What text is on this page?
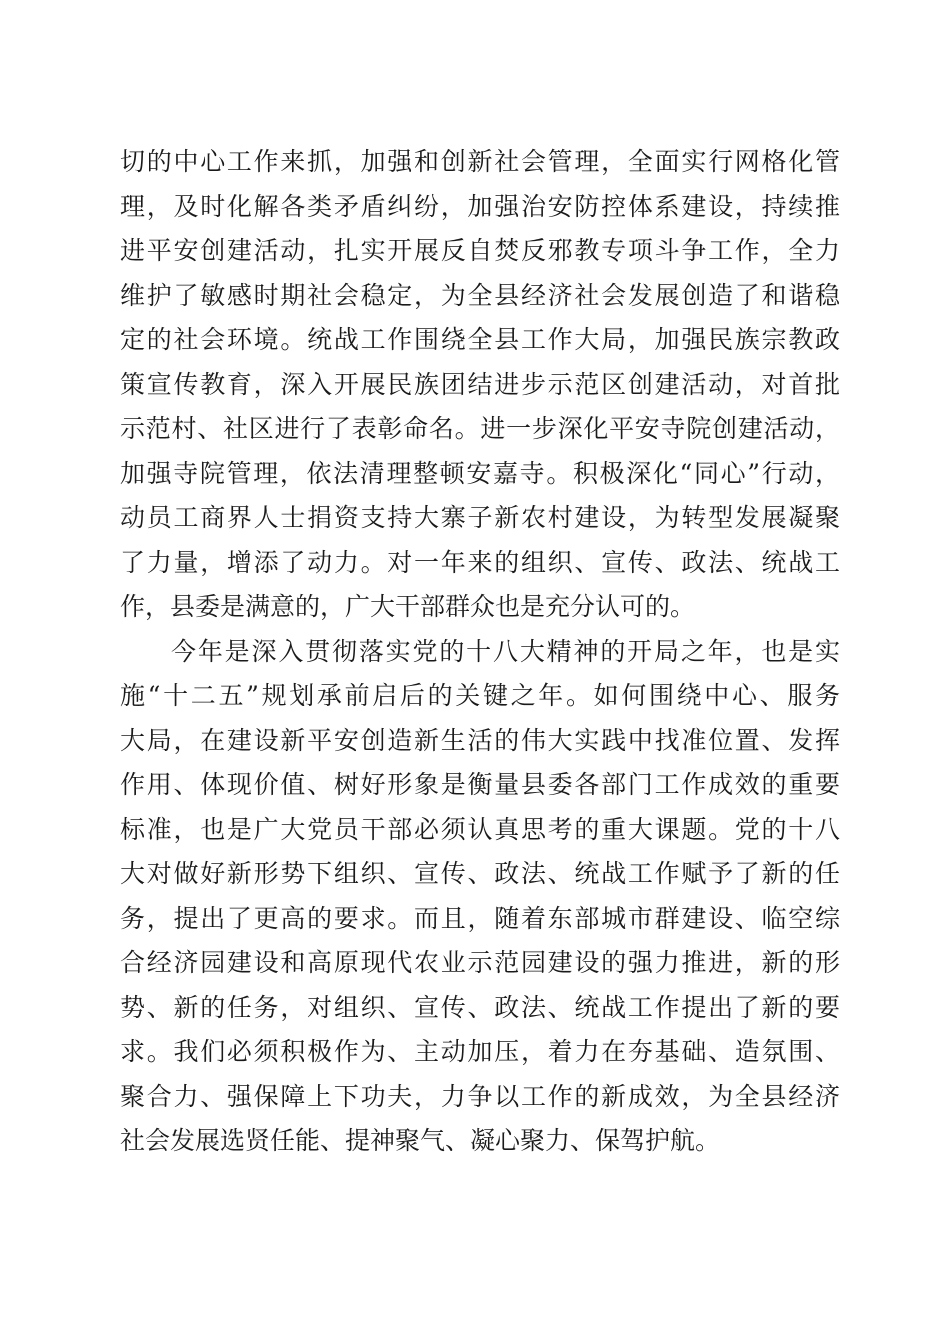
切的中心工作来抓，加强和创新社会管理，全面实行网格化管
理，及时化解各类矛盾纠纷，加强治安防控体系建设，持续推
进平安创建活动，扎实开展反自焚反邪教专项斗争工作，全力
维护了敏感时期社会稳定，为全县经济社会发展创造了和谐稳
定的社会环境。统战工作围绕全县工作大局，加强民族宗教政
策宣传教育，深入开展民族团结进步示范区创建活动，对首批
示范村、社区进行了表彰命名。进一步深化平安寺院创建活动，
加强寺院管理，依法清理整顿安嘉寺。积极深化“同心”行动，
动员工商界人士捐资支持大寨子新农村建设，为转型发展凝聚
了力量，增添了动力。对一年来的组织、宣传、政法、统战工
作，县委是满意的，广大干部群众也是充分认可的。
今年是深入贯彻落实党的十八大精神的开局之年，也是实
施“十二五”规划承前启后的关键之年。如何围绕中心、服务
大局，在建设新平安创造新生活的伟大实践中找准位置、发挥
作用、体现价值、树好形象是衡量县委各部门工作成效的重要
标准，也是广大党员干部必须认真思考的重大课题。党的十八
大对做好新形势下组织、宣传、政法、统战工作赋予了新的任
务，提出了更高的要求。而且，随着东部城市群建设、临空综
合经济园建设和高原现代农业示范园建设的强力推进，新的形
势、新的任务，对组织、宣传、政法、统战工作提出了新的要
求。我们必须积极作为、主动加压，着力在夯基础、造氛围、
聚合力、强保障上下功夫，力争以工作的新成效，为全县经济
社会发展选贤任能、提神聚气、凝心聚力、保驾护航。
